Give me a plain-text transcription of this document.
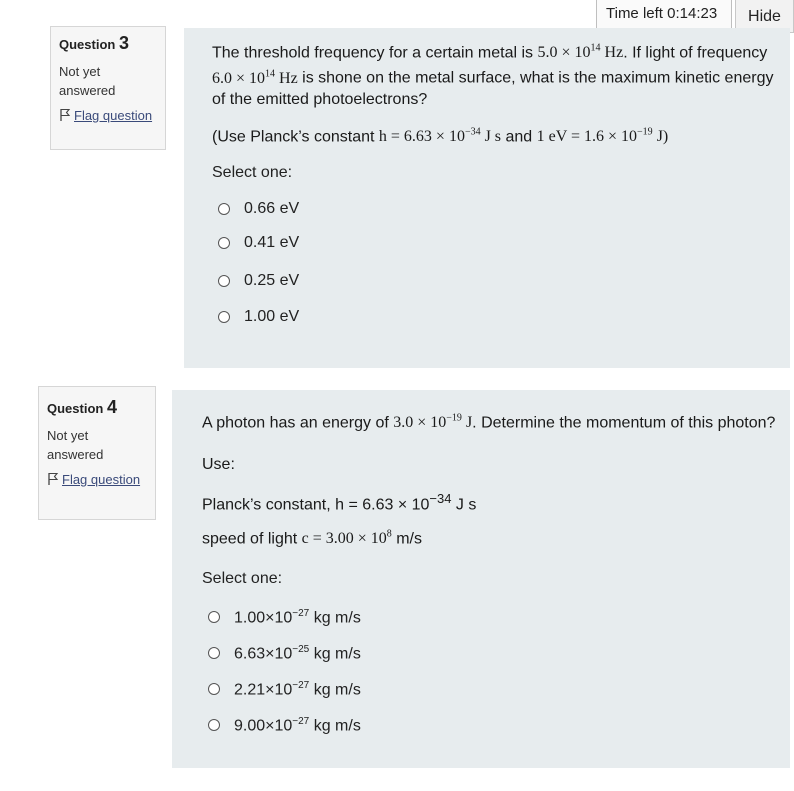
Time left 0:14:23	Hide
Question 3
Not yet answered
Flag question
The threshold frequency for a certain metal is $5.0 \times 10^{14}$ Hz. If light of frequency $6.0 \times 10^{14}$ Hz is shone on the metal surface, what is the maximum kinetic energy of the emitted photoelectrons?
(Use Planck’s constant $h = 6.63 \times 10^{-34}$ J s and 1 eV = $1.6 \times 10^{-19}$ J)
Select one:
0.66 eV
0.41 eV
0.25 eV
1.00 eV
Question 4
Not yet answered
Flag question
A photon has an energy of $3.0 \times 10^{-19}$ J. Determine the momentum of this photon?
Use:
Planck’s constant, $h = 6.63 \times 10^{-34}$ J s
speed of light $c = 3.00 \times 10^8$ m/s
Select one:
$1.00\times 10^{-27}$ kg m/s
$6.63\times 10^{-25}$ kg m/s
$2.21\times 10^{-27}$ kg m/s
$9.00\times 10^{-27}$ kg m/s
